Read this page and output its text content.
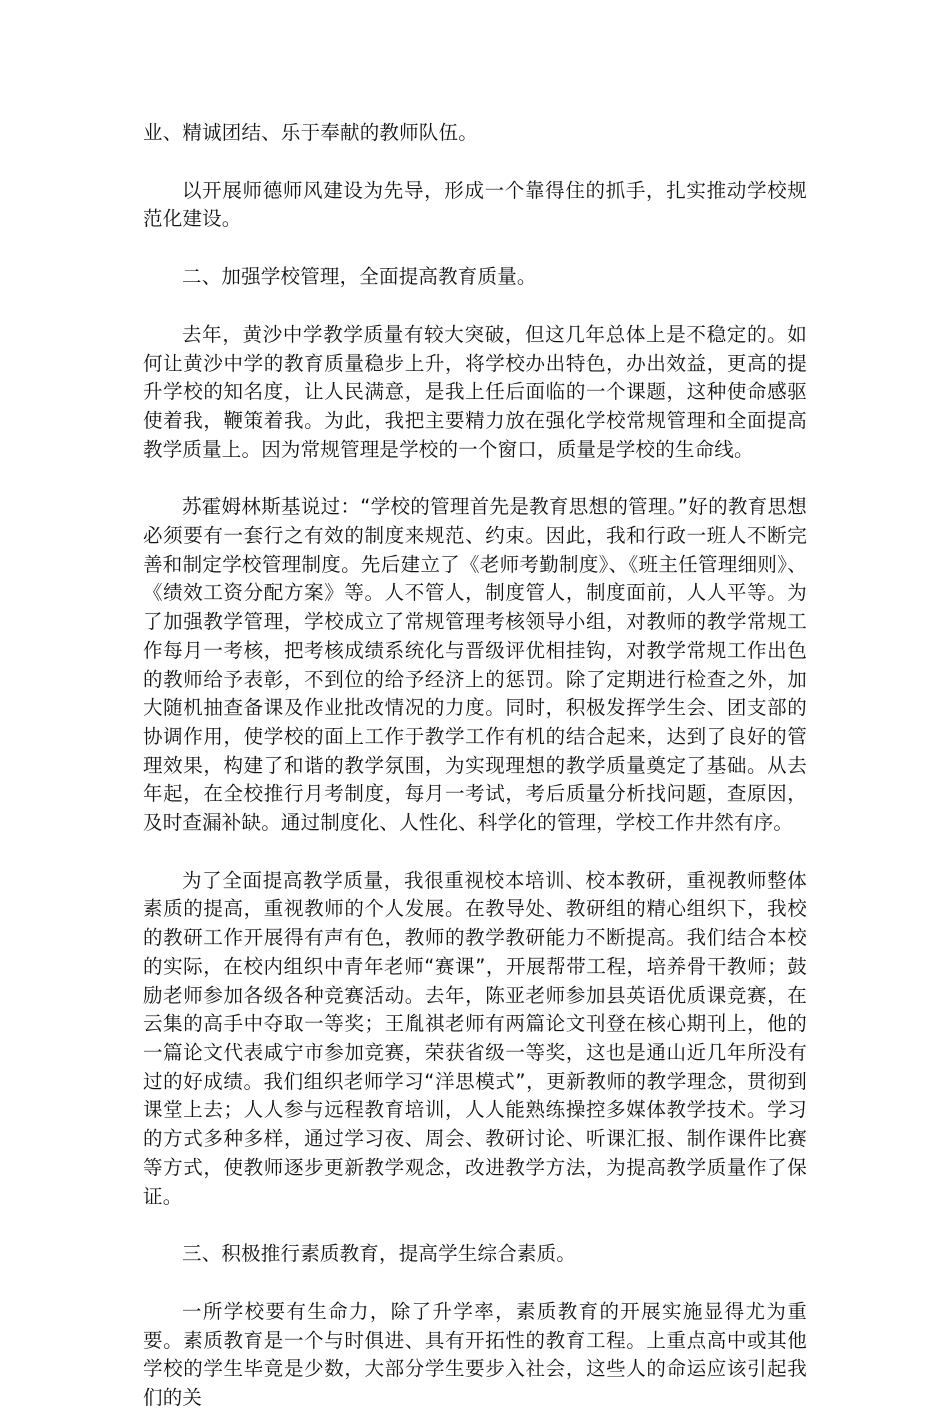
业、精诚团结、乐于奉献的教师队伍。

以开展师德师风建设为先导，形成一个靠得住的抓手，扎实推动学校规范化建设。

二、加强学校管理，全面提高教育质量。

去年，黄沙中学教学质量有较大突破，但这几年总体上是不稳定的。如何让黄沙中学的教育质量稳步上升，将学校办出特色，办出效益，更高的提升学校的知名度，让人民满意，是我上任后面临的一个课题，这种使命感驱使着我，鞭策着我。为此，我把主要精力放在强化学校常规管理和全面提高教学质量上。因为常规管理是学校的一个窗口，质量是学校的生命线。

苏霍姆林斯基说过：“学校的管理首先是教育思想的管理。”好的教育思想必须要有一套行之有效的制度来规范、约束。因此，我和行政一班人不断完善和制定学校管理制度。先后建立了《老师考勤制度》、《班主任管理细则》、《绩效工资分配方案》等。人不管人，制度管人，制度面前，人人平等。为了加强教学管理，学校成立了常规管理考核领导小组，对教师的教学常规工作每月一考核，把考核成绩系统化与晋级评优相挂钩，对教学常规工作出色的教师给予表彰，不到位的给予经济上的惩罚。除了定期进行检查之外，加大随机抽查备课及作业批改情况的力度。同时，积极发挥学生会、团支部的协调作用，使学校的面上工作于教学工作有机的结合起来，达到了良好的管理效果，构建了和谐的教学氛围，为实现理想的教学质量奠定了基础。从去年起，在全校推行月考制度，每月一考试，考后质量分析找问题，查原因，及时查漏补缺。通过制度化、人性化、科学化的管理，学校工作井然有序。

为了全面提高教学质量，我很重视校本培训、校本教研，重视教师整体素质的提高，重视教师的个人发展。在教导处、教研组的精心组织下，我校的教研工作开展得有声有色，教师的教学教研能力不断提高。我们结合本校的实际，在校内组织中青年老师“赛课”，开展帮带工程，培养骨干教师；鼓励老师参加各级各种竞赛活动。去年，陈亚老师参加县英语优质课竞赛，在云集的高手中夺取一等奖；王胤祺老师有两篇论文刊登在核心期刊上，他的一篇论文代表咸宁市参加竞赛，荣获省级一等奖，这也是通山近几年所没有过的好成绩。我们组织老师学习“洋思模式”，更新教师的教学理念，贯彻到课堂上去；人人参与远程教育培训，人人能熟练操控多媒体教学技术。学习的方式多种多样，通过学习夜、周会、教研讨论、听课汇报、制作课件比赛等方式，使教师逐步更新教学观念，改进教学方法，为提高教学质量作了保证。

三、积极推行素质教育，提高学生综合素质。

一所学校要有生命力，除了升学率，素质教育的开展实施显得尤为重要。素质教育是一个与时俱进、具有开拓性的教育工程。上重点高中或其他学校的学生毕竟是少数，大部分学生要步入社会，这些人的命运应该引起我们的关
